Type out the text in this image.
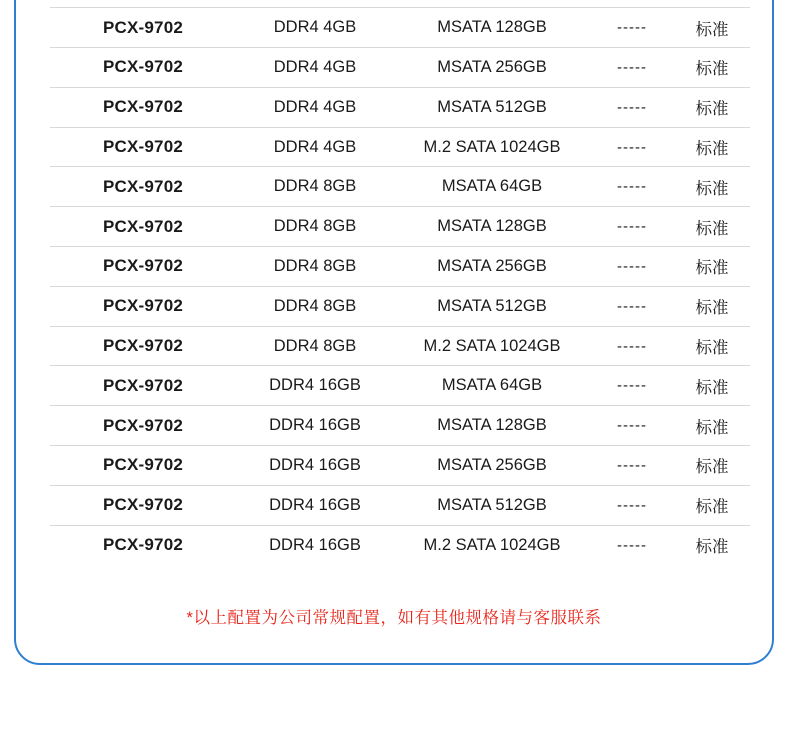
PCX-9702	DDR4 4GB	MSATA 128GB	-----	标准
PCX-9702	DDR4 4GB	MSATA 256GB	-----	标准
PCX-9702	DDR4 4GB	MSATA 512GB	-----	标准
PCX-9702	DDR4 4GB	M.2 SATA 1024GB	-----	标准
PCX-9702	DDR4 8GB	MSATA 64GB	-----	标准
PCX-9702	DDR4 8GB	MSATA 128GB	-----	标准
PCX-9702	DDR4 8GB	MSATA 256GB	-----	标准
PCX-9702	DDR4 8GB	MSATA 512GB	-----	标准
PCX-9702	DDR4 8GB	M.2 SATA 1024GB	-----	标准
PCX-9702	DDR4 16GB	MSATA 64GB	-----	标准
PCX-9702	DDR4 16GB	MSATA 128GB	-----	标准
PCX-9702	DDR4 16GB	MSATA 256GB	-----	标准
PCX-9702	DDR4 16GB	MSATA 512GB	-----	标准
PCX-9702	DDR4 16GB	M.2 SATA 1024GB	-----	标准
*以上配置为公司常规配置，如有其他规格请与客服联系
